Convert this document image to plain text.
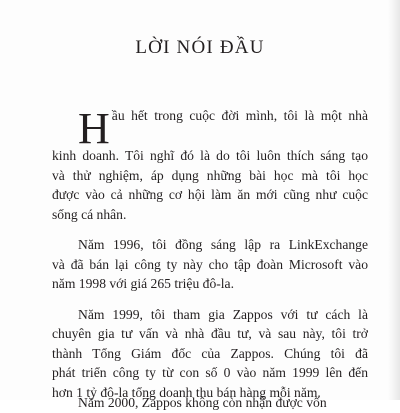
LỜI NÓI ĐẦU

H ầu hết trong cuộc đời mình, tôi là một nhà
kinh doanh. Tôi nghĩ đó là do tôi luôn thích sáng tạo
và thử nghiệm, áp dụng những bài học mà tôi học
được vào cả những cơ hội làm ăn mới cũng như cuộc
sống cá nhân.

Năm 1996, tôi đồng sáng lập ra LinkExchange
và đã bán lại công ty này cho tập đoàn Microsoft vào
năm 1998 với giá 265 triệu đô-la.

Năm 1999, tôi tham gia Zappos với tư cách là
chuyên gia tư vấn và nhà đầu tư, và sau này, tôi trở
thành Tổng Giám đốc của Zappos. Chúng tôi đã
phát triển công ty từ con số 0 vào năm 1999 lên đến
hơn 1 tỷ đô-la tổng doanh thu bán hàng mỗi năm.

Năm 2000, Zappos không còn nhận được vốn
